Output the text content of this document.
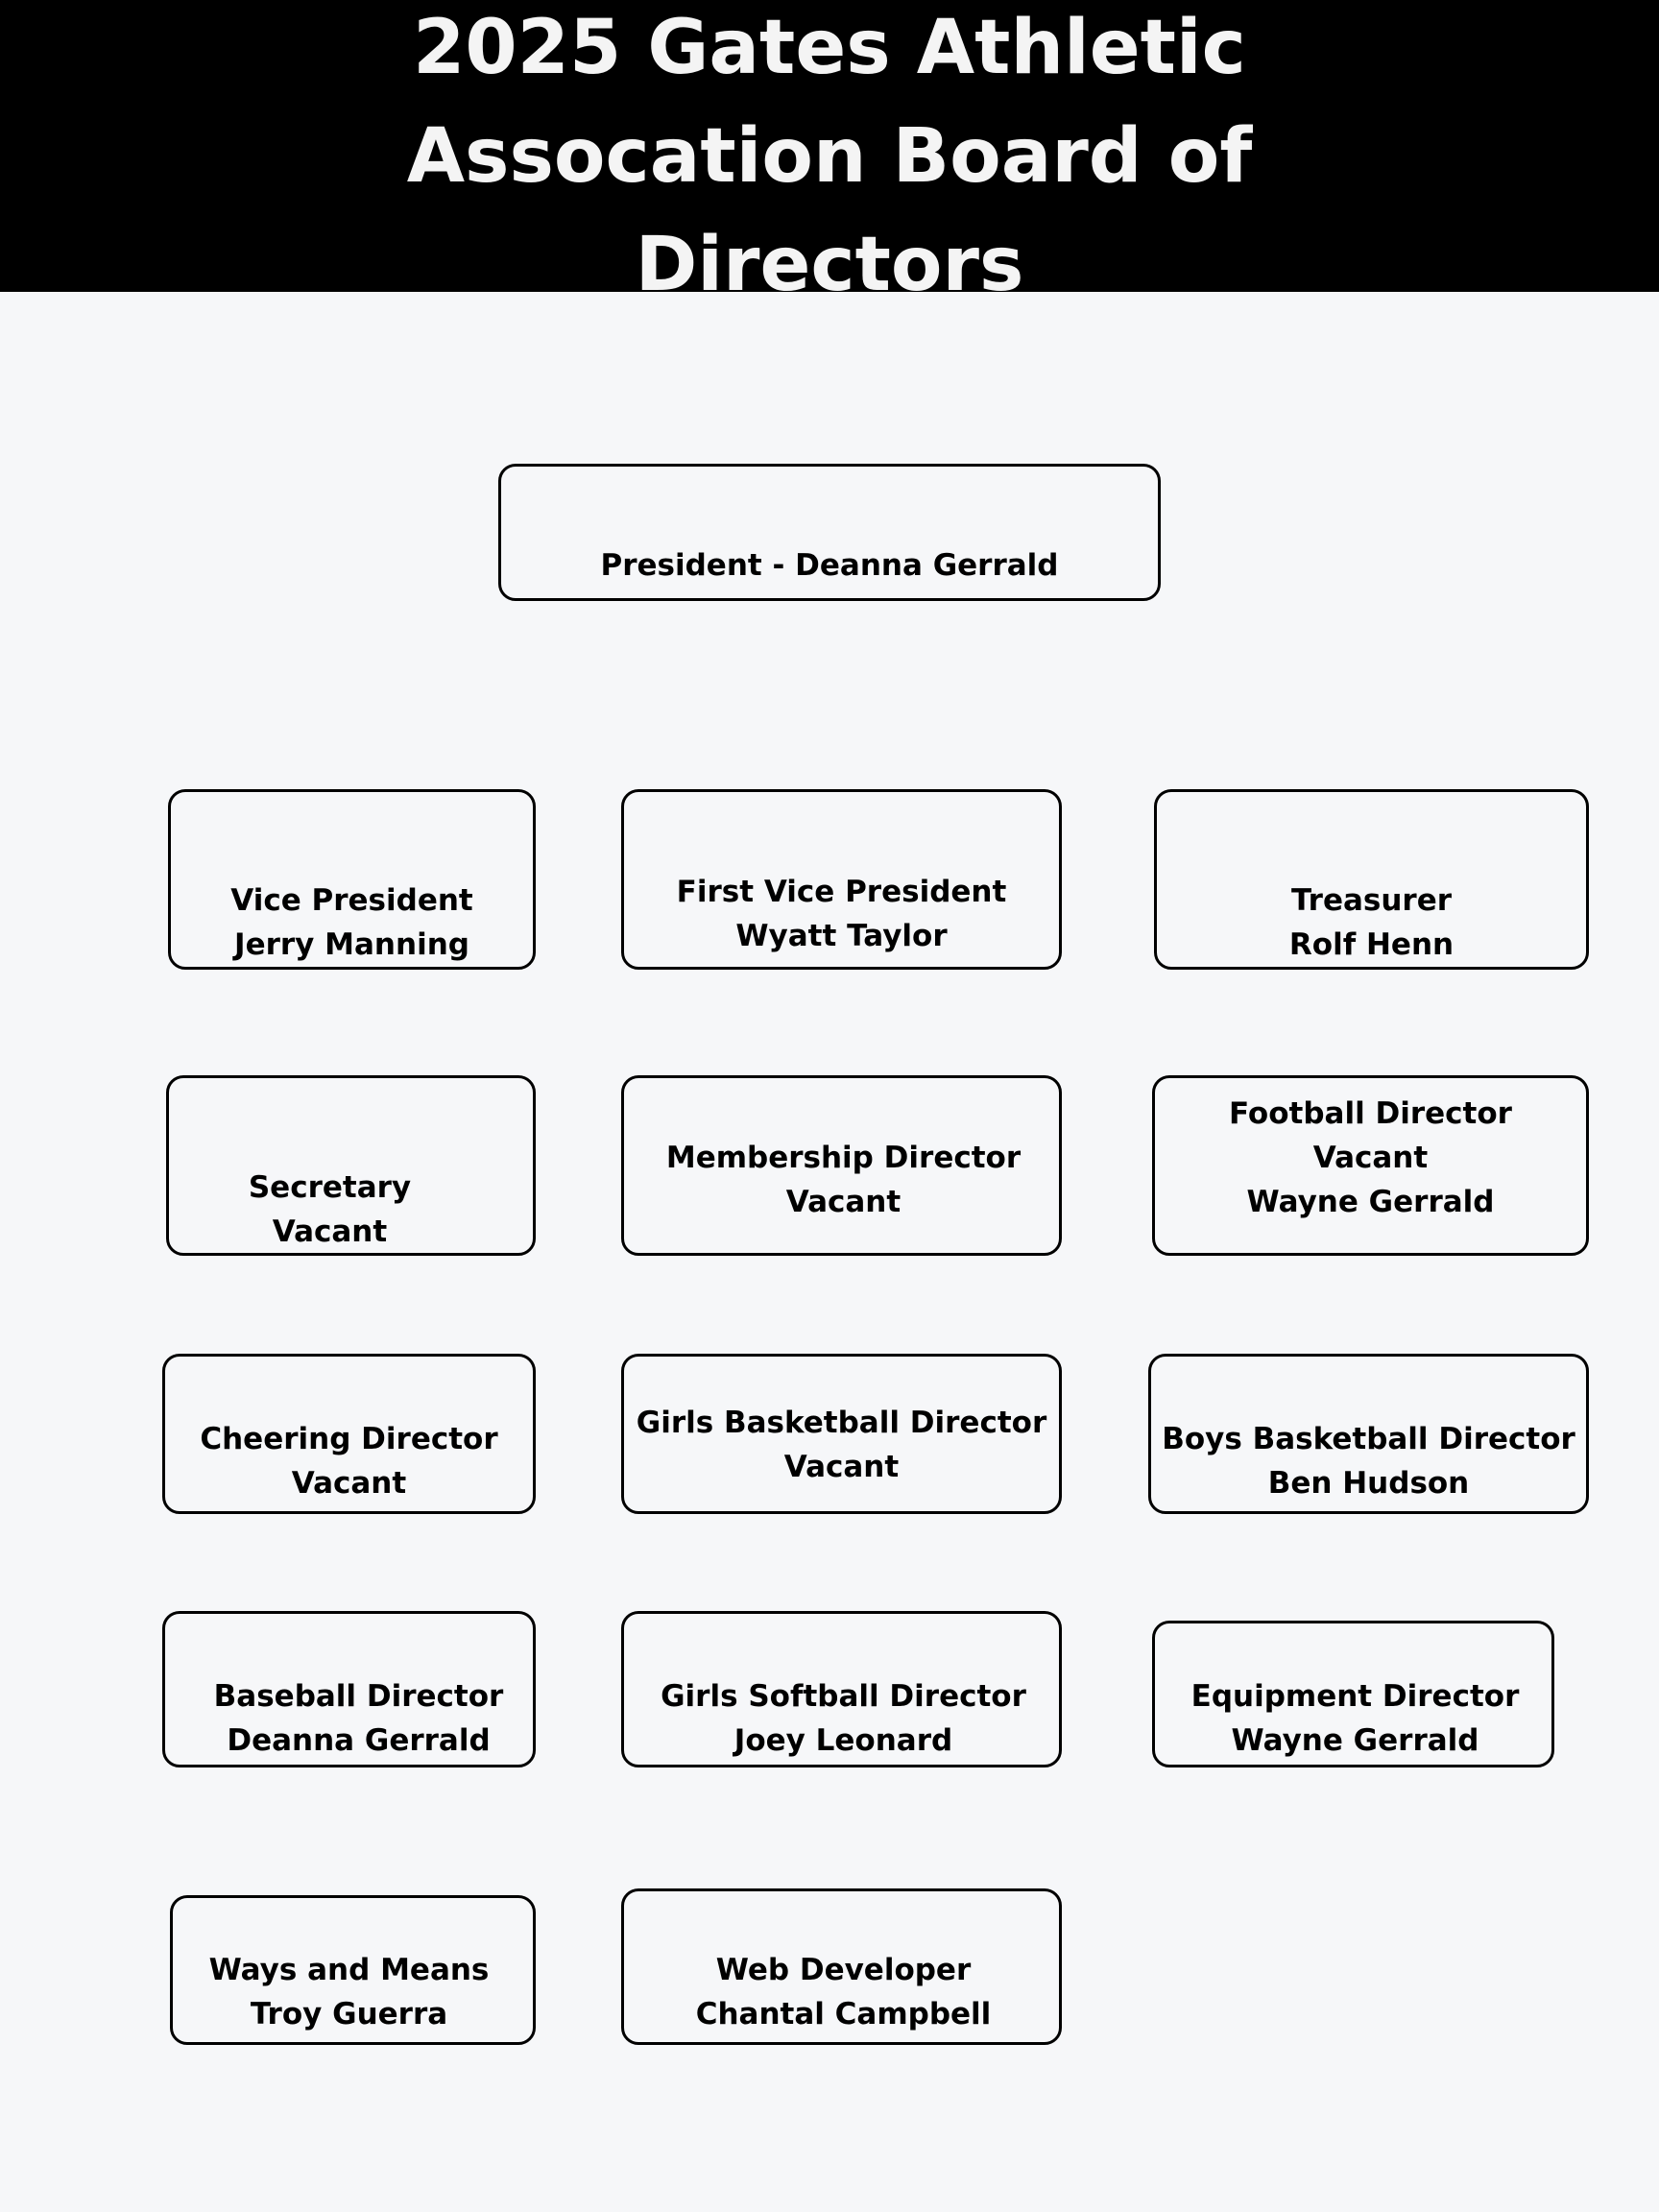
2025 Gates Athletic
Assocation Board of
Directors
President - Deanna Gerrald
Vice President
Jerry Manning
First Vice President
Wyatt Taylor
Treasurer
Rolf Henn
Secretary
Vacant
Membership Director
Vacant
Football Director
Vacant
Wayne Gerrald
Cheering Director
Vacant
Girls Basketball Director
Vacant
Boys Basketball Director
Ben Hudson
Baseball Director
Deanna Gerrald
Girls Softball Director
Joey Leonard
Equipment Director
Wayne Gerrald
Ways and Means
Troy Guerra
Web Developer
Chantal Campbell
